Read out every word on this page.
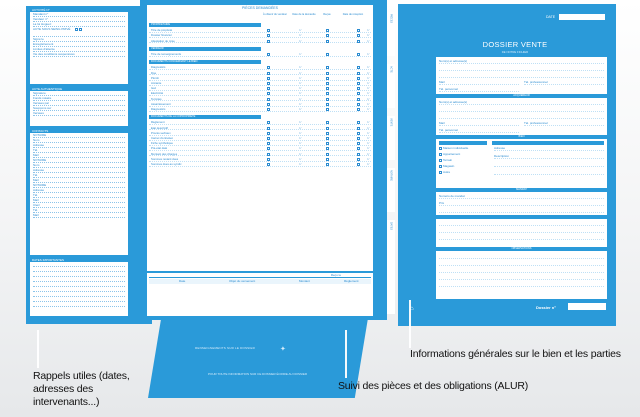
RENSEIGNEMENTS SUR LE DOSSIER
POUR TOUTE INFORMATION SUR CE DOSSIER ÉCRIRE AU DOSSIER
✦
ACTIVITÉ N°
Mandant n°
Vendeur n°
La loi Hoguet:
ACTE SOUS SEING PRIVÉ
Signé le
Enregistrement
Limites d'attente
Vie des conditions suspensives
ACTE AUTHENTIQUE
Signature
Fonds notaire
Versées par
Soupçons sur
Versées
CONTACTS
NOTAIRE
Nom
Adresse
Tél.
Mail
NOTAIRE
Nom
Adresse
Tél.
Mail
NOTAIRE
Adresse
Tél.
Mail
Clerc
Tél.
Mail
DATES IMPORTANTES
PIÈCES DEMANDÉES
À obtenir du vendeur	Date de la demande	Reçue	Date de réception
PROPRIÉTAIRE
Titre de propriété	/ /	/ /
Dossier financier	/ /	/ /
Attestation de mise	/ /	/ /
VENDEUR
Titre de renseignements	/ /	/ /
DOCUMENTS CONCERNANT LE BIEN
Diagnostics	/ /	/ /
Dpe	/ /	/ /
Plomb	/ /	/ /
Amiante	/ /	/ /
Gaz	/ /	/ /
Electricité	/ /	/ /
Termites	/ /	/ /
Assainissement	/ /	/ /
Diagnostics	/ /	/ /
DOCUMENTS DE LA COPROPRIÉTÉ
Règlement	/ /	/ /
Etat descriptif	/ /	/ /
Procès-verbaux	/ /	/ /
Carnet d'entretien	/ /	/ /
Fiche synthétique	/ /	/ /
Pré-état daté	/ /	/ /
Montant des charges	/ /	/ /
Sommes restant dues	/ /	/ /
Sommes dues au syndic	/ /	/ /
Reçu le
Date	Objet du versement	Montant	Règlement
PIÈCES
ACTE
VENTE
NOTAIRE
DATES
DATE
DOSSIER VENTE
DE NOTRE FICHIER
Nom(s) et adresse(s)
Mail	Tél. professionnel
Tél. personnel
ACQUÉREUR
Nom(s) et adresse(s)
Mail	Tél. professionnel
Tél. personnel
BIEN
Maison individuelle
Appartement
Terrain
Magasin
Autre
Adresse
Description
MANDAT
Numéro de mandat
Prix
OBSERVATIONS
⌂	Dossier n°
Rappels utiles (dates, adresses des intervenants...)
Suivi des pièces et des obligations (ALUR)
Informations générales sur le bien et les parties
